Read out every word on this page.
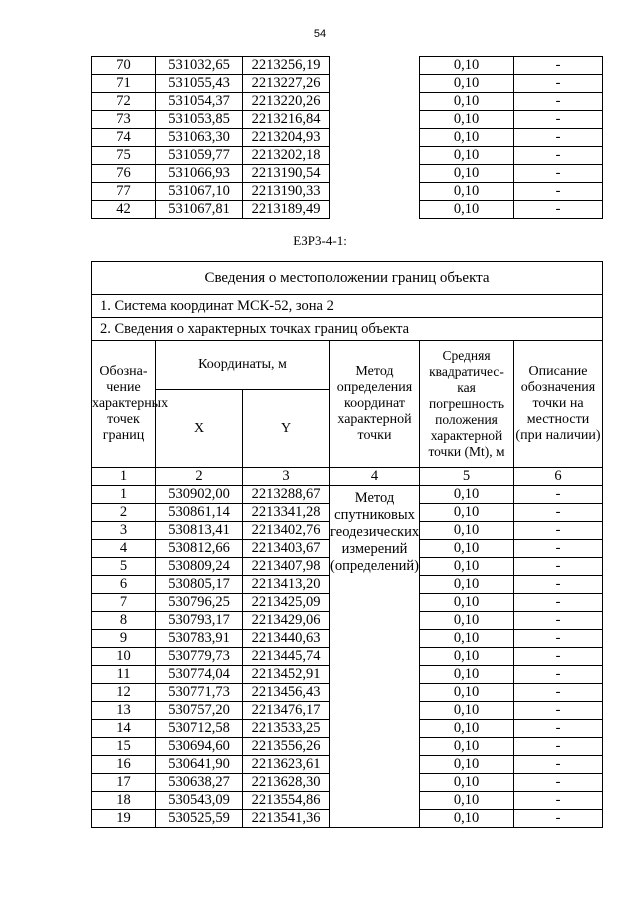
54
70	531032,65	2213256,19		0,10	-
71	531055,43	2213227,26		0,10	-
72	531054,37	2213220,26		0,10	-
73	531053,85	2213216,84		0,10	-
74	531063,30	2213204,93		0,10	-
75	531059,77	2213202,18		0,10	-
76	531066,93	2213190,54		0,10	-
77	531067,10	2213190,33		0,10	-
42	531067,81	2213189,49		0,10	-
ЕЗР3-4-1:
Сведения о местоположении границ объекта					
1. Система координат МСК-52, зона 2					
2. Сведения о характерных точках границ объекта					
Обозна-чение характерных точек границ	Координаты, м		Метод определения координат характерной точки	Средняя квадратичес-кая погрешность положения характерной точки (Mt), м	Описание обозначения точки на местности (при наличии)
	X	Y			
1	2	3	4	5	6
1	530902,00	2213288,67	Метод спутниковых геодезических измерений (определений)	0,10	-
2	530861,14	2213341,28		0,10	-
3	530813,41	2213402,76		0,10	-
4	530812,66	2213403,67		0,10	-
5	530809,24	2213407,98		0,10	-
6	530805,17	2213413,20		0,10	-
7	530796,25	2213425,09		0,10	-
8	530793,17	2213429,06		0,10	-
9	530783,91	2213440,63		0,10	-
10	530779,73	2213445,74		0,10	-
11	530774,04	2213452,91		0,10	-
12	530771,73	2213456,43		0,10	-
13	530757,20	2213476,17		0,10	-
14	530712,58	2213533,25		0,10	-
15	530694,60	2213556,26		0,10	-
16	530641,90	2213623,61		0,10	-
17	530638,27	2213628,30		0,10	-
18	530543,09	2213554,86		0,10	-
19	530525,59	2213541,36		0,10	-
